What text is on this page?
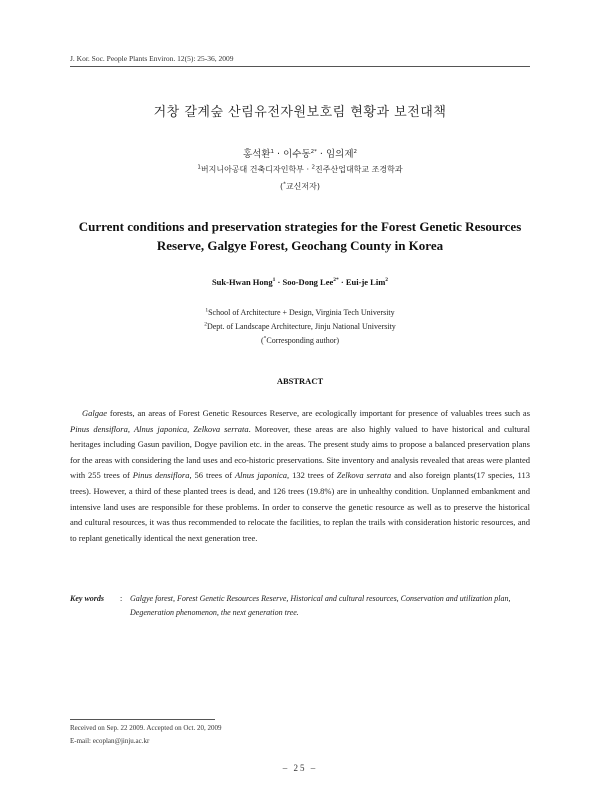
J. Kor. Soc. People Plants Environ. 12(5): 25-36, 2009
거창 갈계숲 산림유전자원보호림 현황과 보전대책
홍석환$^1$ · 이수동$^{2*}$ · 임의제$^2$
$^1$버지니아공대 건축디자인학부 · $^2$진주산업대학교 조경학과
(*교신저자)
Current conditions and preservation strategies for the Forest Genetic Resources
Reserve, Galgye Forest, Geochang County in Korea
Suk-Hwan Hong$^1$ · Soo-Dong Lee$^{2*}$ · Eui-je Lim$^2$
$^1$School of Architecture + Design, Virginia Tech University
$^2$Dept. of Landscape Architecture, Jinju National University
(*Corresponding author)
ABSTRACT
Galgae forests, an areas of Forest Genetic Resources Reserve, are ecologically important for presence of valuables trees such as Pinus densiflora, Alnus japonica, Zelkova serrata. Moreover, these areas are also highly valued to have historical and cultural heritages including Gasun pavilion, Dogye pavilion etc. in the areas. The present study aims to propose a balanced preservation plans for the areas with considering the land uses and eco-historic preservations. Site inventory and analysis revealed that areas were planted with 255 trees of Pinus densiflora, 56 trees of Alnus japonica, 132 trees of Zelkova serrata and also foreign plants(17 species, 113 trees). However, a third of these planted trees is dead, and 126 trees (19.8%) are in unhealthy condition. Unplanned embankment and intensive land uses are responsible for these problems. In order to conserve the genetic resource as well as to preserve the historical and cultural resources, it was thus recommended to relocate the facilities, to replan the trails with consideration historic resources, and to replant genetically identical the next generation tree.
Key words	: Galgye forest, Forest Genetic Resources Reserve, Historical and cultural resources, Conservation and utilization plan, Degeneration phenomenon, the next generation tree.
Received on Sep. 22 2009. Accepted on Oct. 20, 2009
E-mail: ecoplan@jinju.ac.kr
– 25 –
